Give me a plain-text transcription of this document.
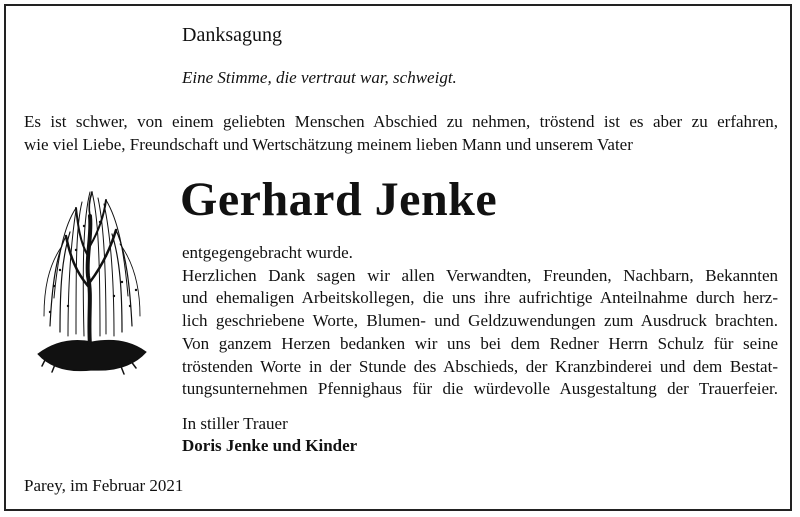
Danksagung
Eine Stimme, die vertraut war, schweigt.
Es ist schwer, von einem geliebten Menschen Abschied zu nehmen, tröstend ist es aber zu erfahren,
wie viel Liebe, Freundschaft und Wertschätzung meinem lieben Mann und unserem Vater
Gerhard Jenke
entgegengebracht wurde.
Herzlichen Dank sagen wir allen Verwandten, Freunden, Nachbarn, Bekannten
und ehemaligen Arbeitskollegen, die uns ihre aufrichtige Anteilnahme durch herz-
lich geschriebene Worte, Blumen- und Geldzuwendungen zum Ausdruck brachten.
Von ganzem Herzen bedanken wir uns bei dem Redner Herrn Schulz für seine
tröstenden Worte in der Stunde des Abschieds, der Kranzbinderei und dem Bestat-
tungsunternehmen Pfennighaus für die würdevolle Ausgestaltung der Trauerfeier.
In stiller Trauer
Doris Jenke und Kinder
Parey, im Februar 2021
